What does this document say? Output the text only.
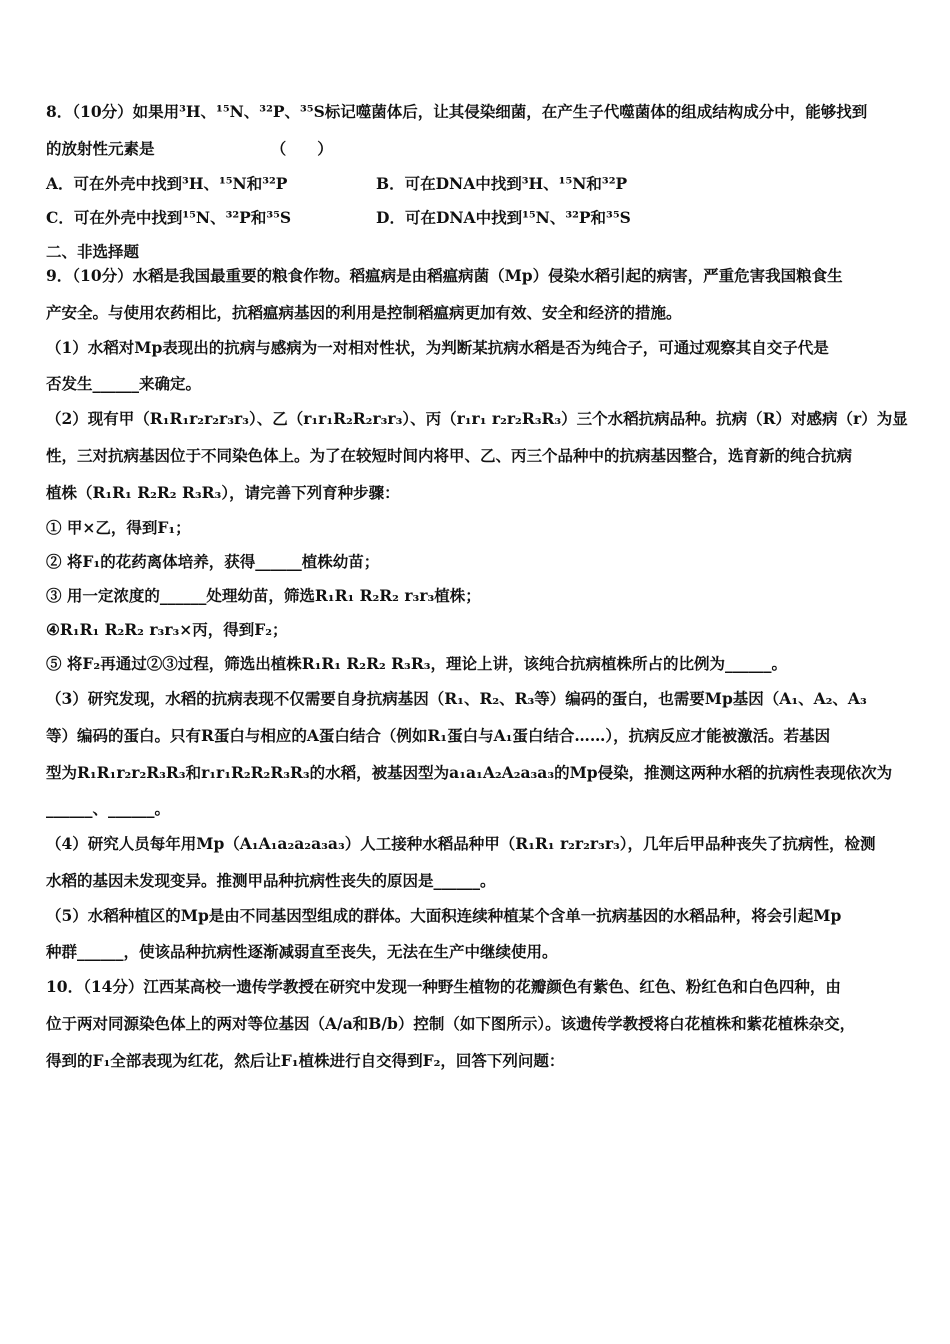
8．（10分）如果用³H、¹⁵N、³²P、³⁵S标记噬菌体后，让其侵染细菌，在产生子代噬菌体的组成结构成分中，能够找到
的放射性元素是　　　　　　　　（　　）
A．可在外壳中找到³H、¹⁵N和³²P	B．可在DNA中找到³H、¹⁵N和³²P
C．可在外壳中找到¹⁵N、³²P和³⁵S	D．可在DNA中找到¹⁵N、³²P和³⁵S
二、非选择题
9．（10分）水稻是我国最重要的粮食作物。稻瘟病是由稻瘟病菌（Mp）侵染水稻引起的病害，严重危害我国粮食生
产安全。与使用农药相比，抗稻瘟病基因的利用是控制稻瘟病更加有效、安全和经济的措施。
（1）水稻对Mp表现出的抗病与感病为一对相对性状，为判断某抗病水稻是否为纯合子，可通过观察其自交子代是
否发生______来确定。
（2）现有甲（R₁R₁r₂r₂r₃r₃）、乙（r₁r₁R₂R₂r₃r₃）、丙（r₁r₁ r₂r₂R₃R₃）三个水稻抗病品种。抗病（R）对感病（r）为显
性，三对抗病基因位于不同染色体上。为了在较短时间内将甲、乙、丙三个品种中的抗病基因整合，选育新的纯合抗病
植株（R₁R₁ R₂R₂ R₃R₃），请完善下列育种步骤：
① 甲×乙，得到F₁；
② 将F₁的花药离体培养，获得______植株幼苗；
③ 用一定浓度的______处理幼苗，筛选R₁R₁ R₂R₂ r₃r₃植株；
④R₁R₁ R₂R₂ r₃r₃×丙，得到F₂；
⑤ 将F₂再通过②③过程，筛选出植株R₁R₁ R₂R₂ R₃R₃，理论上讲，该纯合抗病植株所占的比例为______。
（3）研究发现，水稻的抗病表现不仅需要自身抗病基因（R₁、R₂、R₃等）编码的蛋白，也需要Mp基因（A₁、A₂、A₃
等）编码的蛋白。只有R蛋白与相应的A蛋白结合（例如R₁蛋白与A₁蛋白结合……），抗病反应才能被激活。若基因
型为R₁R₁r₂r₂R₃R₃和r₁r₁R₂R₂R₃R₃的水稻，被基因型为a₁a₁A₂A₂a₃a₃的Mp侵染，推测这两种水稻的抗病性表现依次为
______、______。
（4）研究人员每年用Mp（A₁A₁a₂a₂a₃a₃）人工接种水稻品种甲（R₁R₁ r₂r₂r₃r₃），几年后甲品种丧失了抗病性，检测
水稻的基因未发现变异。推测甲品种抗病性丧失的原因是______。
（5）水稻种植区的Mp是由不同基因型组成的群体。大面积连续种植某个含单一抗病基因的水稻品种，将会引起Mp
种群______，使该品种抗病性逐渐减弱直至丧失，无法在生产中继续使用。
10．（14分）江西某高校一遗传学教授在研究中发现一种野生植物的花瓣颜色有紫色、红色、粉红色和白色四种，由
位于两对同源染色体上的两对等位基因（A/a和B/b）控制（如下图所示）。该遗传学教授将白花植株和紫花植株杂交，
得到的F₁全部表现为红花，然后让F₁植株进行自交得到F₂，回答下列问题：
